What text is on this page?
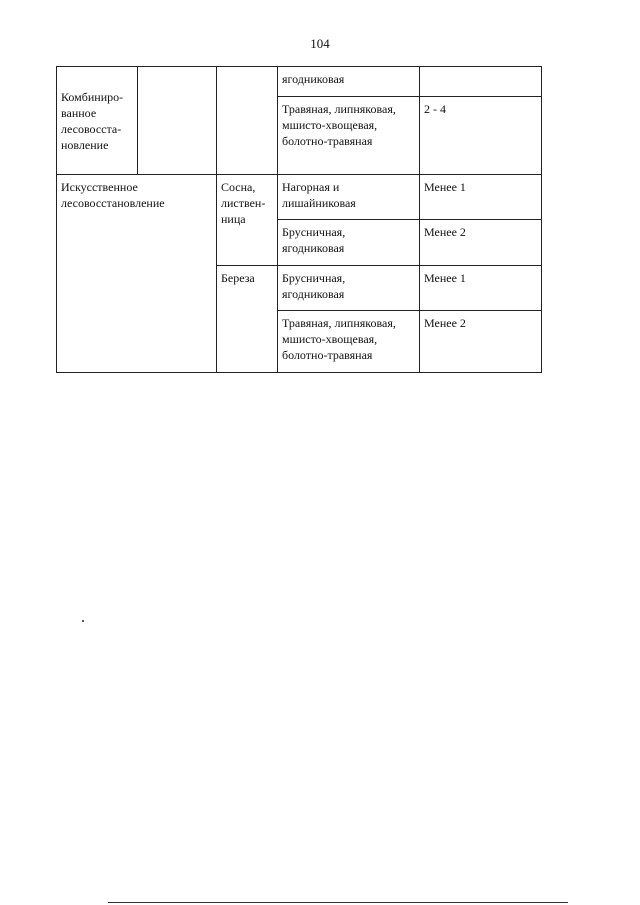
104
Комбиниро-
ванное
лесовосста-
новление			ягодниковая	

			Травяная, липняковая,
мшисто-хвощевая,
болотно-травяная	2 - 4

Искусственное
лесовосстановление		Сосна,
листвен-
ница	Нагорная и
лишайниковая	Менее 1

			Брусничная,
ягодниковая	Менее 2

		Береза	Брусничная,
ягодниковая	Менее 1

			Травяная, липняковая,
мшисто-хвощевая,
болотно-травяная	Менее 2
